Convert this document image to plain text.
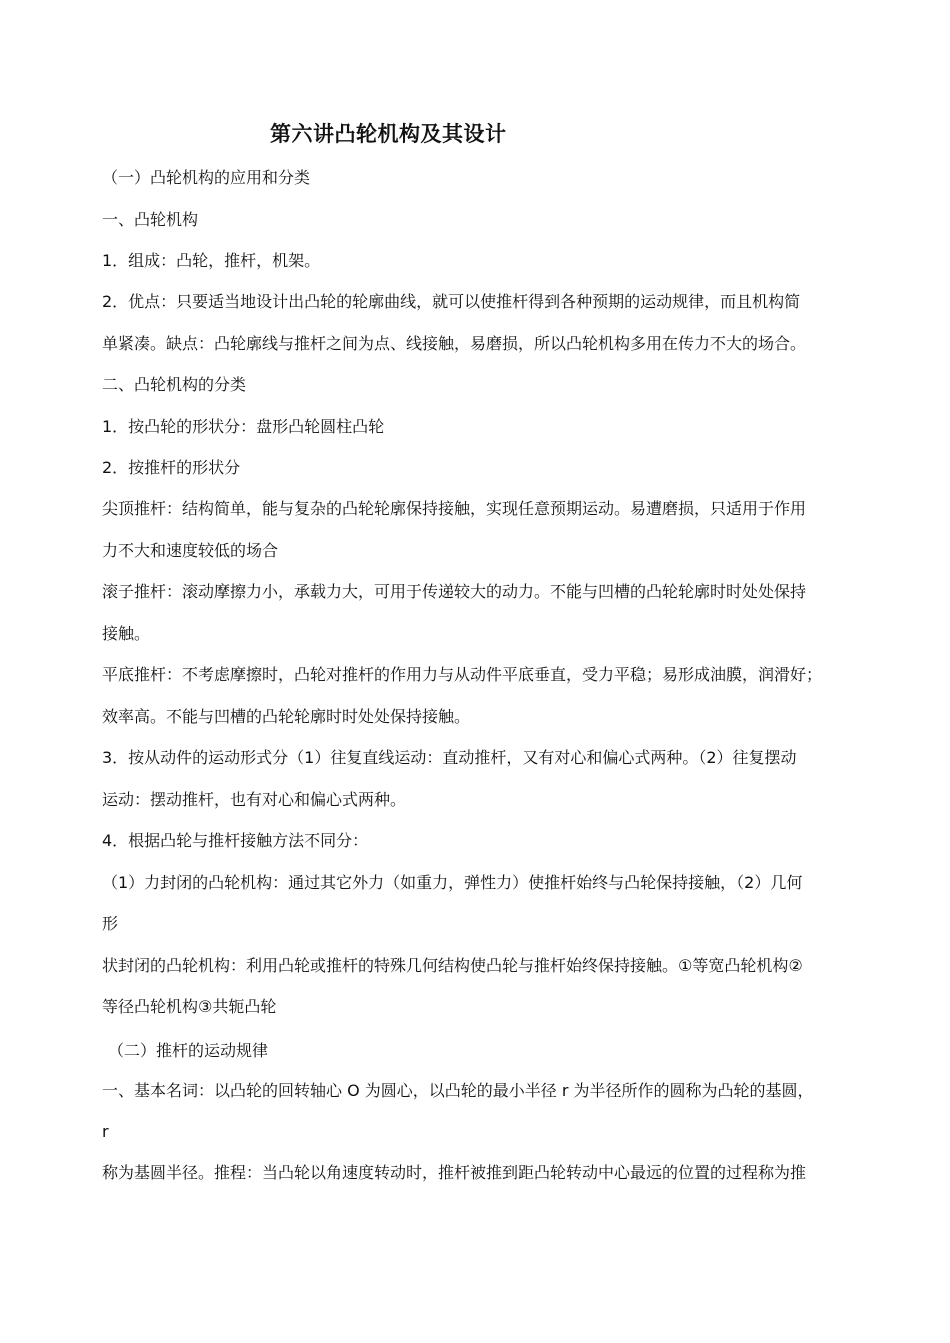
第六讲凸轮机构及其设计
（一）凸轮机构的应用和分类
一、凸轮机构
1．组成：凸轮，推杆，机架。
2．优点：只要适当地设计出凸轮的轮廓曲线，就可以使推杆得到各种预期的运动规律，而且机构简
单紧凑。缺点：凸轮廓线与推杆之间为点、线接触，易磨损，所以凸轮机构多用在传力不大的场合。
二、凸轮机构的分类
1．按凸轮的形状分：盘形凸轮圆柱凸轮
2．按推杆的形状分
尖顶推杆：结构简单，能与复杂的凸轮轮廓保持接触，实现任意预期运动。易遭磨损，只适用于作用
力不大和速度较低的场合
滚子推杆：滚动摩擦力小，承载力大，可用于传递较大的动力。不能与凹槽的凸轮轮廓时时处处保持
接触。
平底推杆：不考虑摩擦时，凸轮对推杆的作用力与从动件平底垂直，受力平稳；易形成油膜，润滑好；
效率高。不能与凹槽的凸轮轮廓时时处处保持接触。
3．按从动件的运动形式分（1）往复直线运动：直动推杆，又有对心和偏心式两种。（2）往复摆动
运动：摆动推杆，也有对心和偏心式两种。
4．根据凸轮与推杆接触方法不同分：
（1）力封闭的凸轮机构：通过其它外力（如重力，弹性力）使推杆始终与凸轮保持接触，（2）几何
形
状封闭的凸轮机构：利用凸轮或推杆的特殊几何结构使凸轮与推杆始终保持接触。①等宽凸轮机构②
等径凸轮机构③共轭凸轮
（二）推杆的运动规律
一、基本名词：以凸轮的回转轴心 O 为圆心，以凸轮的最小半径 r 为半径所作的圆称为凸轮的基圆，
r
称为基圆半径。推程：当凸轮以角速度转动时，推杆被推到距凸轮转动中心最远的位置的过程称为推
